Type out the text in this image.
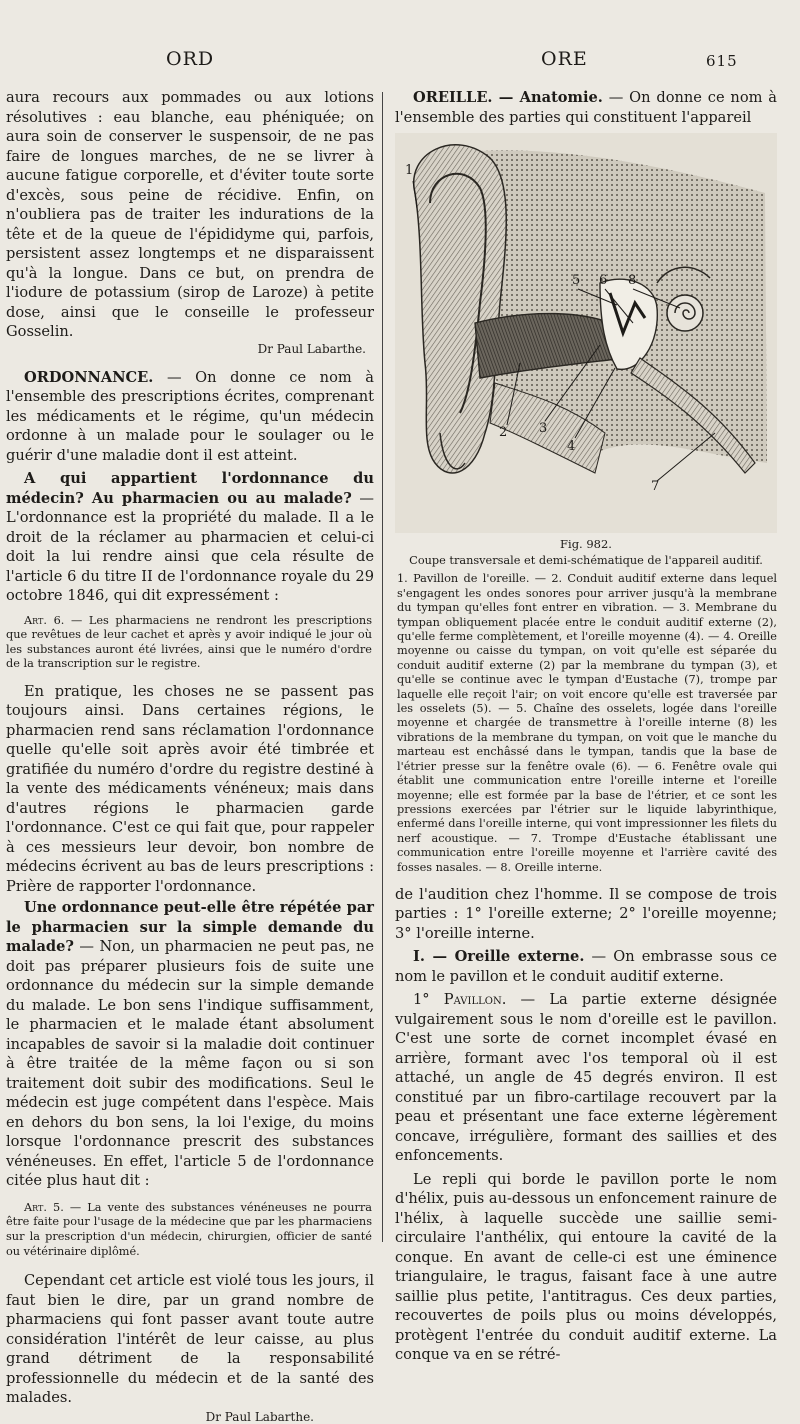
ORD	ORE	615

aura recours aux pommades ou aux lotions résolutives : eau blanche, eau phéniquée; on aura soin de conserver le suspensoir, de ne pas faire de longues marches, de ne se livrer à aucune fatigue corporelle, et d'éviter toute sorte d'excès, sous peine de récidive. Enfin, on n'oubliera pas de traiter les indurations de la tête et de la queue de l'épididyme qui, parfois, persistent assez longtemps et ne disparaissent qu'à la longue. Dans ce but, on prendra de l'iodure de potassium (sirop de Laroze) à petite dose, ainsi que le conseille le professeur Gosselin.

Dr Paul Labarthe.

ORDONNANCE. — On donne ce nom à l'ensemble des prescriptions écrites, comprenant les médicaments et le régime, qu'un médecin ordonne à un malade pour le soulager ou le guérir d'une maladie dont il est atteint.

A qui appartient l'ordonnance du médecin? Au pharmacien ou au malade? — L'ordonnance est la propriété du malade. Il a le droit de la réclamer au pharmacien et celui-ci doit la lui rendre ainsi que cela résulte de l'article 6 du titre II de l'ordonnance royale du 29 octobre 1846, qui dit expressément :

Art. 6. — Les pharmaciens ne rendront les prescriptions que revêtues de leur cachet et après y avoir indiqué le jour où les substances auront été livrées, ainsi que le numéro d'ordre de la transcription sur le registre.

En pratique, les choses ne se passent pas toujours ainsi. Dans certaines régions, le pharmacien rend sans réclamation l'ordonnance quelle qu'elle soit après avoir été timbrée et gratifiée du numéro d'ordre du registre destiné à la vente des médicaments vénéneux; mais dans d'autres régions le pharmacien garde l'ordonnance. C'est ce qui fait que, pour rappeler à ces messieurs leur devoir, bon nombre de médecins écrivent au bas de leurs prescriptions : Prière de rapporter l'ordonnance.

Une ordonnance peut-elle être répétée par le pharmacien sur la simple demande du malade? — Non, un pharmacien ne peut pas, ne doit pas préparer plusieurs fois de suite une ordonnance du médecin sur la simple demande du malade. Le bon sens l'indique suffisamment, le pharmacien et le malade étant absolument incapables de savoir si la maladie doit continuer à être traitée de la même façon ou si son traitement doit subir des modifications. Seul le médecin est juge compétent dans l'espèce. Mais en dehors du bon sens, la loi l'exige, du moins lorsque l'ordonnance prescrit des substances vénéneuses. En effet, l'article 5 de l'ordonnance citée plus haut dit :

Art. 5. — La vente des substances vénéneuses ne pourra être faite pour l'usage de la médecine que par les pharmaciens sur la prescription d'un médecin, chirurgien, officier de santé ou vétérinaire diplômé.

Cependant cet article est violé tous les jours, il faut bien le dire, par un grand nombre de pharmaciens qui font passer avant toute autre considération l'intérêt de leur caisse, au plus grand détriment de la responsabilité professionnelle du médecin et de la santé des malades.

Dr Paul Labarthe.

OREILLE. — Anatomie. — On donne ce nom à l'ensemble des parties qui constituent l'appareil

1
2 3
4
5 6
7
8

Fig. 982.

Coupe transversale et demi-schématique de l'appareil auditif.

1. Pavillon de l'oreille. — 2. Conduit auditif externe dans lequel s'engagent les ondes sonores pour arriver jusqu'à la membrane du tympan qu'elles font entrer en vibration. — 3. Membrane du tympan obliquement placée entre le conduit auditif externe (2), qu'elle ferme complètement, et l'oreille moyenne (4). — 4. Oreille moyenne ou caisse du tympan, on voit qu'elle est séparée du conduit auditif externe (2) par la membrane du tympan (3), et qu'elle se continue avec le tympan d'Eustache (7), trompe par laquelle elle reçoit l'air; on voit encore qu'elle est traversée par les osselets (5). — 5. Chaîne des osselets, logée dans l'oreille moyenne et chargée de transmettre à l'oreille interne (8) les vibrations de la membrane du tympan, on voit que le manche du marteau est enchâssé dans le tympan, tandis que la base de l'étrier presse sur la fenêtre ovale (6). — 6. Fenêtre ovale qui établit une communication entre l'oreille interne et l'oreille moyenne; elle est formée par la base de l'étrier, et ce sont les pressions exercées par l'étrier sur le liquide labyrinthique, enfermé dans l'oreille interne, qui vont impressionner les filets du nerf acoustique. — 7. Trompe d'Eustache établissant une communication entre l'oreille moyenne et l'arrière cavité des fosses nasales. — 8. Oreille interne.

de l'audition chez l'homme. Il se compose de trois parties : 1° l'oreille externe; 2° l'oreille moyenne; 3° l'oreille interne.

I. — Oreille externe. — On embrasse sous ce nom le pavillon et le conduit auditif externe.

1° Pavillon. — La partie externe désignée vulgairement sous le nom d'oreille est le pavillon. C'est une sorte de cornet incomplet évasé en arrière, formant avec l'os temporal où il est attaché, un angle de 45 degrés environ. Il est constitué par un fibro-cartilage recouvert par la peau et présentant une face externe légèrement concave, irrégulière, formant des saillies et des enfoncements.

Le repli qui borde le pavillon porte le nom d'hélix, puis au-dessous un enfoncement rainure de l'hélix, à laquelle succède une saillie semi-circulaire l'anthélix, qui entoure la cavité de la conque. En avant de celle-ci est une éminence triangulaire, le tragus, faisant face à une autre saillie plus petite, l'antitragus. Ces deux parties, recouvertes de poils plus ou moins développés, protègent l'entrée du conduit auditif externe. La conque va en se rétré-
